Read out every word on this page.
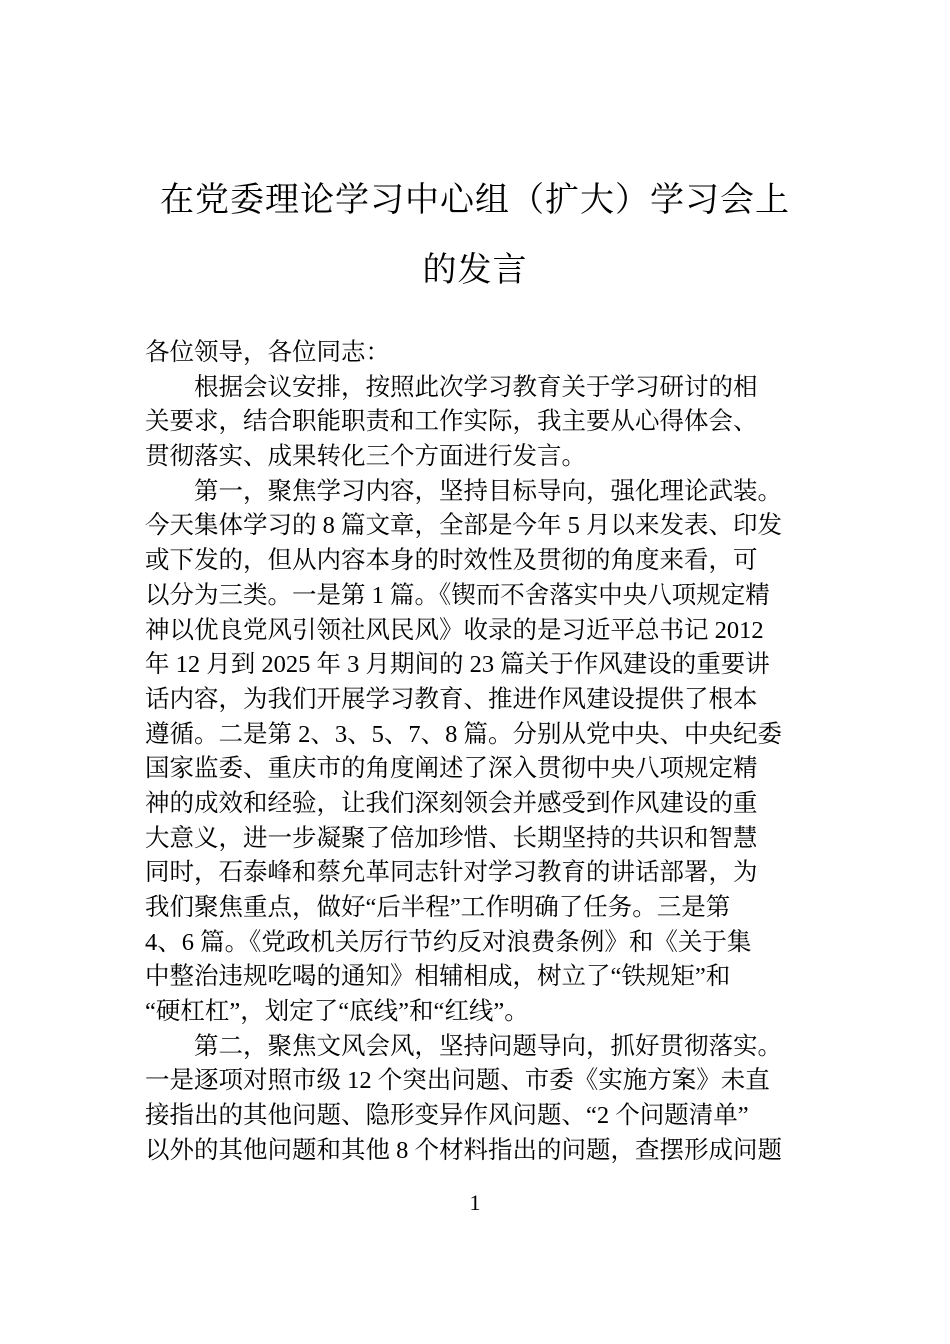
在党委理论学习中心组（扩大）学习会上
的发言
各位领导，各位同志：
根据会议安排，按照此次学习教育关于学习研讨的相
关要求，结合职能职责和工作实际，我主要从心得体会、
贯彻落实、成果转化三个方面进行发言。
第一，聚焦学习内容，坚持目标导向，强化理论武装。
今天集体学习的 8 篇文章，全部是今年 5 月以来发表、印发
或下发的，但从内容本身的时效性及贯彻的角度来看，可
以分为三类。一是第 1 篇。《锲而不舍落实中央八项规定精
神以优良党风引领社风民风》收录的是习近平总书记 2012
年 12 月到 2025 年 3 月期间的 23 篇关于作风建设的重要讲
话内容，为我们开展学习教育、推进作风建设提供了根本
遵循。二是第 2、3、5、7、8 篇。分别从党中央、中央纪委
国家监委、重庆市的角度阐述了深入贯彻中央八项规定精
神的成效和经验，让我们深刻领会并感受到作风建设的重
大意义，进一步凝聚了倍加珍惜、长期坚持的共识和智慧
同时，石泰峰和蔡允革同志针对学习教育的讲话部署，为
我们聚焦重点，做好“后半程”工作明确了任务。三是第
4、6 篇。《党政机关厉行节约反对浪费条例》和《关于集
中整治违规吃喝的通知》相辅相成，树立了“铁规矩”和
“硬杠杠”，划定了“底线”和“红线”。
第二，聚焦文风会风，坚持问题导向，抓好贯彻落实。
一是逐项对照市级 12 个突出问题、市委《实施方案》未直
接指出的其他问题、隐形变异作风问题、“2 个问题清单”
以外的其他问题和其他 8 个材料指出的问题，查摆形成问题
1
